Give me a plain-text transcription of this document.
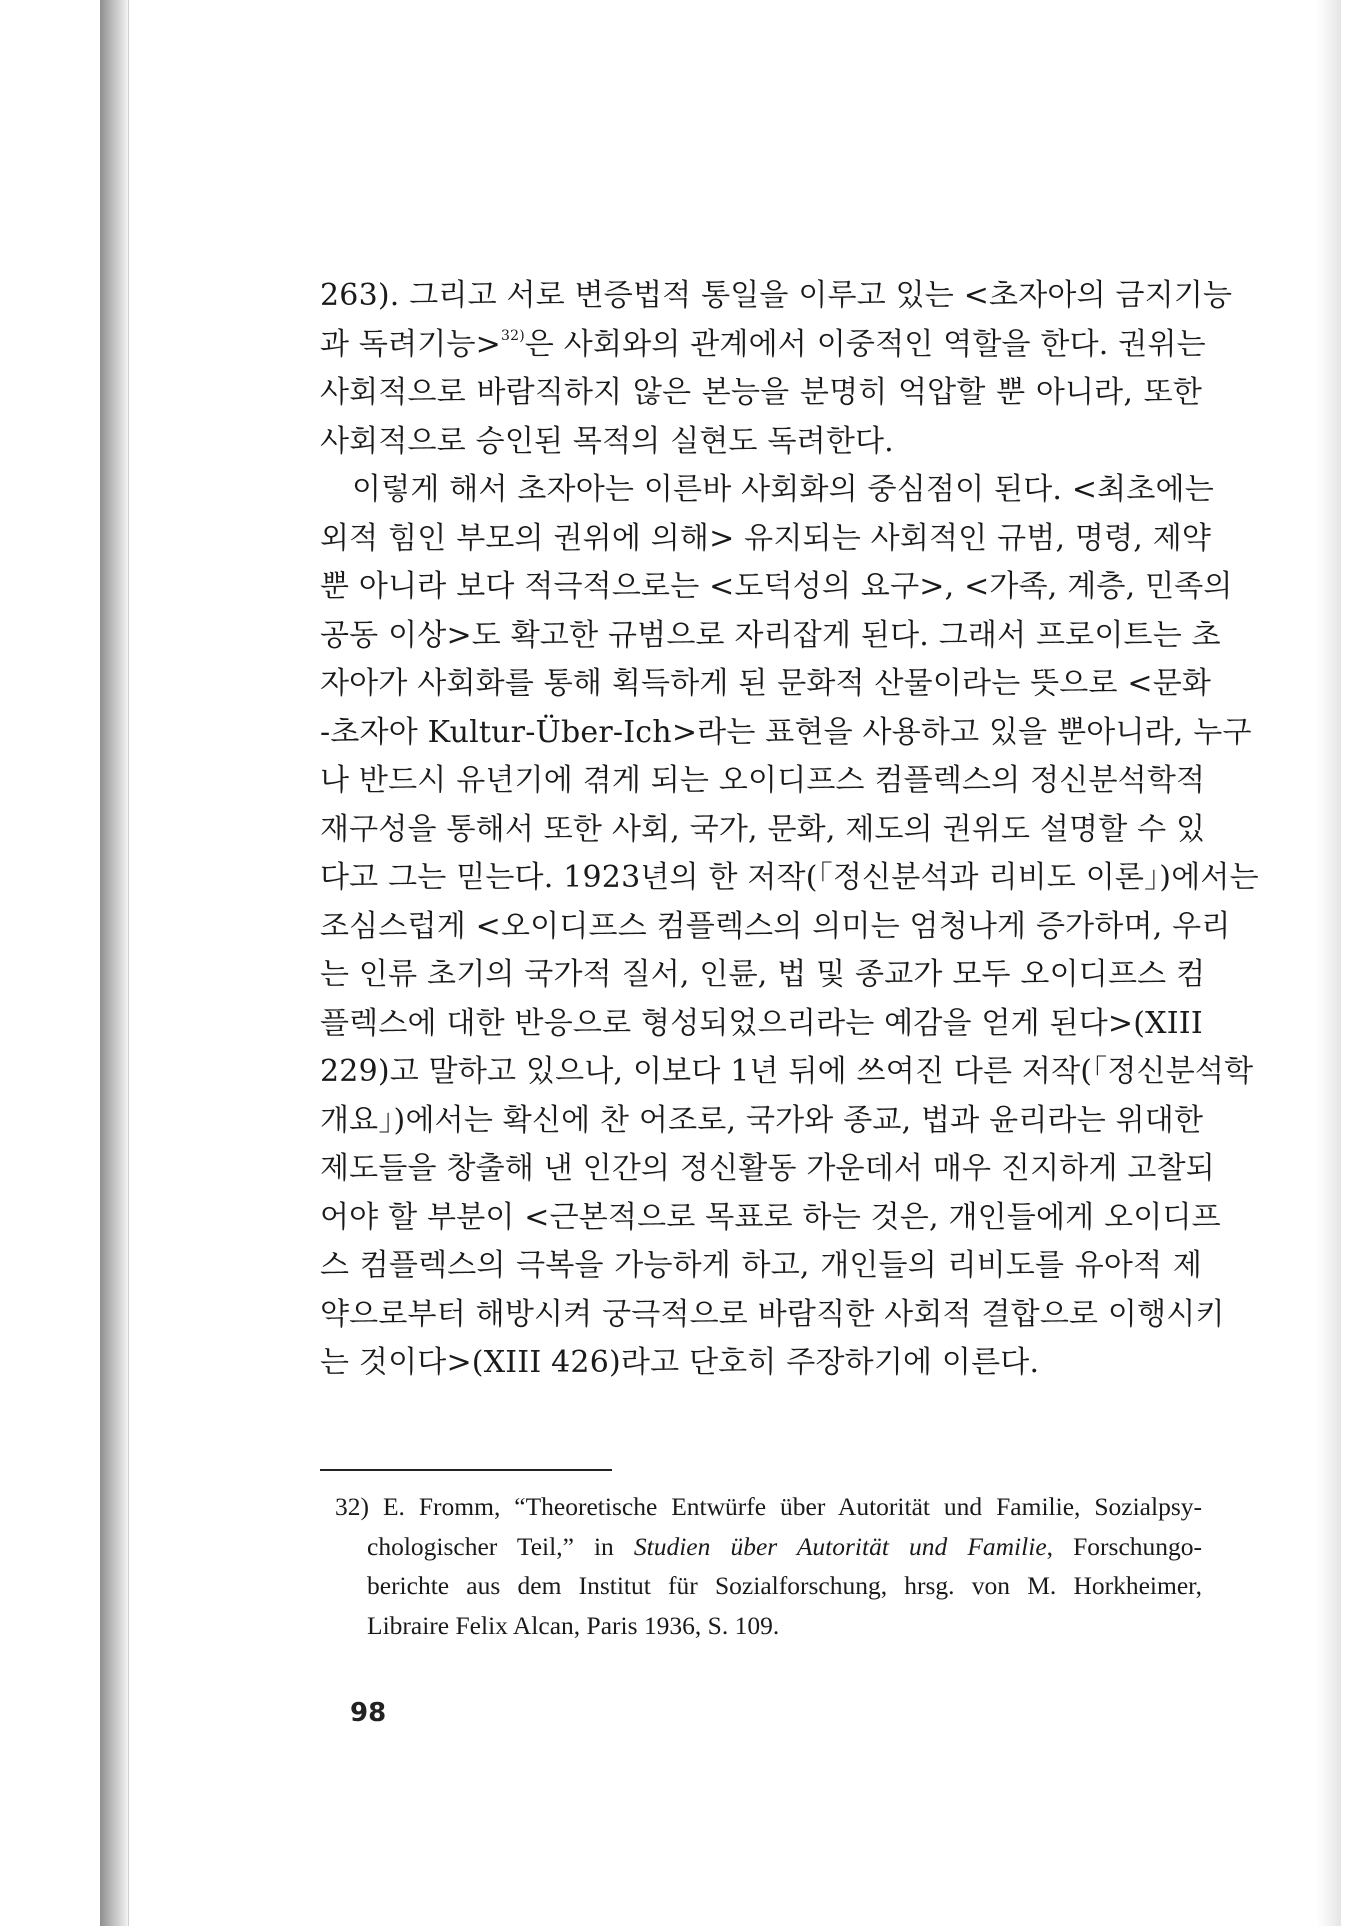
263). 그리고 서로 변증법적 통일을 이루고 있는 <초자아의 금지기능
과 독려기능>$^{32)}$은 사회와의 관계에서 이중적인 역할을 한다. 권위는
사회적으로 바람직하지 않은 본능을 분명히 억압할 뿐 아니라, 또한
사회적으로 승인된 목적의 실현도 독려한다.
이렇게 해서 초자아는 이른바 사회화의 중심점이 된다. <최초에는
외적 힘인 부모의 권위에 의해> 유지되는 사회적인 규범, 명령, 제약
뿐 아니라 보다 적극적으로는 <도덕성의 요구>, <가족, 계층, 민족의
공동 이상>도 확고한 규범으로 자리잡게 된다. 그래서 프로이트는 초
자아가 사회화를 통해 획득하게 된 문화적 산물이라는 뜻으로 <문화
-초자아 Kultur-Über-Ich>라는 표현을 사용하고 있을 뿐아니라, 누구
나 반드시 유년기에 겪게 되는 오이디프스 컴플렉스의 정신분석학적
재구성을 통해서 또한 사회, 국가, 문화, 제도의 권위도 설명할 수 있
다고 그는 믿는다. 1923년의 한 저작(「정신분석과 리비도 이론」)에서는
조심스럽게 <오이디프스 컴플렉스의 의미는 엄청나게 증가하며, 우리
는 인류 초기의 국가적 질서, 인륜, 법 및 종교가 모두 오이디프스 컴
플렉스에 대한 반응으로 형성되었으리라는 예감을 얻게 된다>(XIII
229)고 말하고 있으나, 이보다 1년 뒤에 쓰여진 다른 저작(「정신분석학
개요」)에서는 확신에 찬 어조로, 국가와 종교, 법과 윤리라는 위대한
제도들을 창출해 낸 인간의 정신활동 가운데서 매우 진지하게 고찰되
어야 할 부분이 <근본적으로 목표로 하는 것은, 개인들에게 오이디프
스 컴플렉스의 극복을 가능하게 하고, 개인들의 리비도를 유아적 제
약으로부터 해방시켜 궁극적으로 바람직한 사회적 결합으로 이행시키
는 것이다>(XIII 426)라고 단호히 주장하기에 이른다.
32) E. Fromm, “Theoretische Entwürfe über Autorität und Familie, Sozialpsy-
chologischer Teil,” in Studien über Autorität und Familie, Forschungo-
berichte aus dem Institut für Sozialforschung, hrsg. von M. Horkheimer,
Libraire Felix Alcan, Paris 1936, S. 109.
98
